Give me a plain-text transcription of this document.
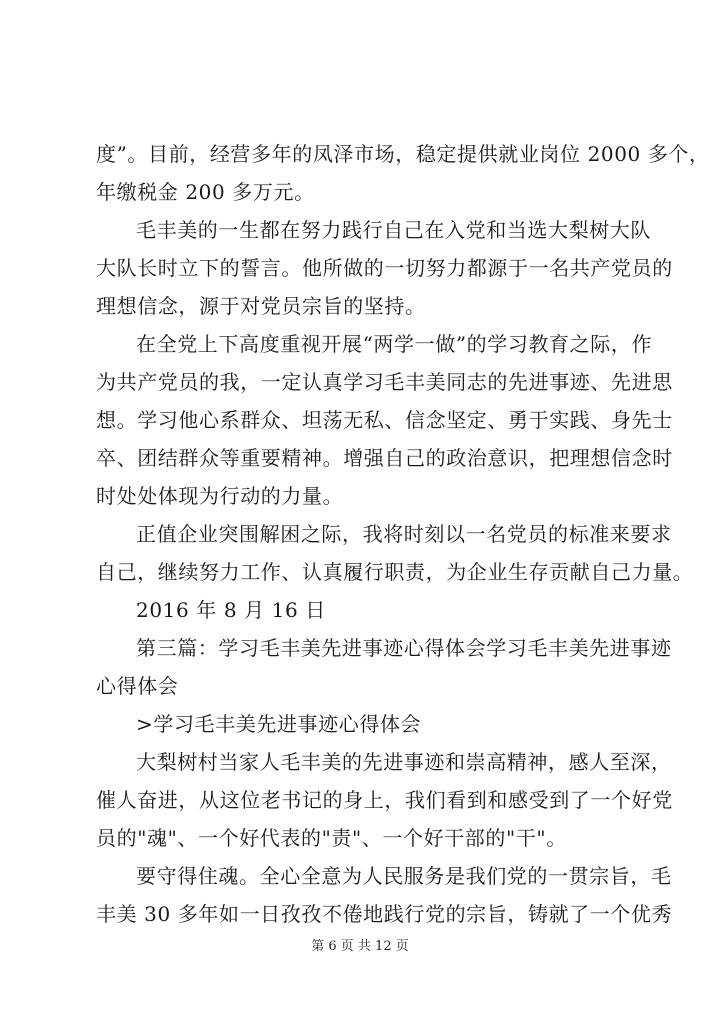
度”。目前，经营多年的凤泽市场，稳定提供就业岗位 2000 多个，
年缴税金 200 多万元。
毛丰美的一生都在努力践行自己在入党和当选大梨树大队
大队长时立下的誓言。他所做的一切努力都源于一名共产党员的
理想信念，源于对党员宗旨的坚持。
在全党上下高度重视开展“两学一做”的学习教育之际，作
为共产党员的我，一定认真学习毛丰美同志的先进事迹、先进思
想。学习他心系群众、坦荡无私、信念坚定、勇于实践、身先士
卒、团结群众等重要精神。增强自己的政治意识，把理想信念时
时处处体现为行动的力量。
正值企业突围解困之际，我将时刻以一名党员的标准来要求
自己，继续努力工作、认真履行职责，为企业生存贡献自己力量。
2016 年 8 月 16 日
第三篇：学习毛丰美先进事迹心得体会学习毛丰美先进事迹
心得体会
>学习毛丰美先进事迹心得体会
大梨树村当家人毛丰美的先进事迹和崇高精神，感人至深，
催人奋进，从这位老书记的身上，我们看到和感受到了一个好党
员的"魂"、一个好代表的"责"、一个好干部的"干"。
要守得住魂。全心全意为人民服务是我们党的一贯宗旨，毛
丰美 30 多年如一日孜孜不倦地践行党的宗旨，铸就了一个优秀
第 6 页 共 12 页
